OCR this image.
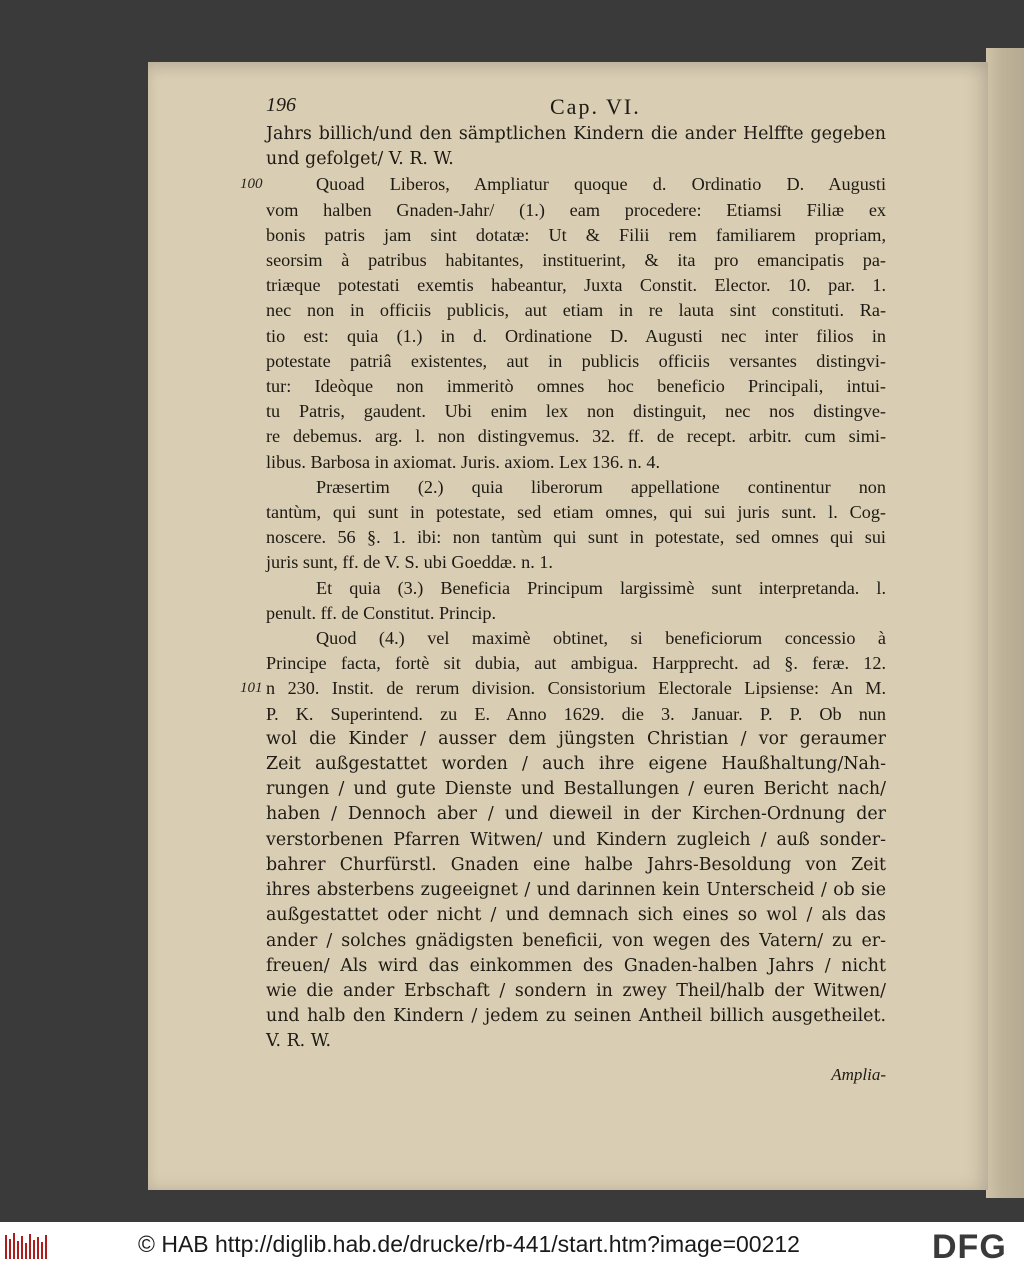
196	Cap. VI.
Jahrs billich/und den sämptlichen Kindern die ander Helffte gegeben
und gefolget/ V. R. W.
100	Quoad Liberos, Ampliatur quoque d. Ordinatio D. Augusti
vom halben Gnaden-Jahr/ (1.) eam procedere: Etiamsi Filiæ ex
bonis patris jam sint dotatæ: Ut & Filii rem familiarem propriam,
seorsim à patribus habitantes, instituerint, & ita pro emancipatis pa-
triæque potestati exemtis habeantur, Juxta Constit. Elector. 10. par. 1.
nec non in officiis publicis, aut etiam in re lauta sint constituti. Ra-
tio est: quia (1.) in d. Ordinatione D. Augusti nec inter filios in
potestate patriâ existentes, aut in publicis officiis versantes distingvi-
tur: Ideòque non immeritò omnes hoc beneficio Principali, intui-
tu Patris, gaudent. Ubi enim lex non distinguit, nec nos distingve-
re debemus. arg. l. non distingvemus. 32. ff. de recept. arbitr. cum simi-
libus. Barbosa in axiomat. Juris. axiom. Lex 136. n. 4.
Præsertim (2.) quia liberorum appellatione continentur non
tantùm, qui sunt in potestate, sed etiam omnes, qui sui juris sunt. l. Cog-
noscere. 56 §. 1. ibi: non tantùm qui sunt in potestate, sed omnes qui sui
juris sunt, ff. de V. S. ubi Goeddæ. n. 1.
Et quia (3.) Beneficia Principum largissimè sunt interpretanda. l.
penult. ff. de Constitut. Princip.
Quod (4.) vel maximè obtinet, si beneficiorum concessio à
Principe facta, fortè sit dubia, aut ambigua. Harpprecht. ad §. feræ. 12.
101 n 230. Instit. de rerum division. Consistorium Electorale Lipsiense: An M.
P. K. Superintend. zu E. Anno 1629. die 3. Januar. P. P. Ob nun
wol die Kinder / ausser dem jüngsten Christian / vor geraumer
Zeit außgestattet worden / auch ihre eigene Haußhaltung/Nah-
rungen / und gute Dienste und Bestallungen / euren Bericht nach/
haben / Dennoch aber / und dieweil in der Kirchen-Ordnung der
verstorbenen Pfarren Witwen/ und Kindern zugleich / auß sonder-
bahrer Churfürstl. Gnaden eine halbe Jahrs-Besoldung von Zeit
ihres absterbens zugeeignet / und darinnen kein Unterscheid / ob sie
außgestattet oder nicht / und demnach sich eines so wol / als das
ander / solches gnädigsten beneficii, von wegen des Vatern/ zu er-
freuen/ Als wird das einkommen des Gnaden-halben Jahrs / nicht
wie die ander Erbschaft / sondern in zwey Theil/halb der Witwen/
und halb den Kindern / jedem zu seinen Antheil billich ausgetheilet.
V. R. W.
Amplia-
© HAB http://diglib.hab.de/drucke/rb-441/start.htm?image=00212	DFG
